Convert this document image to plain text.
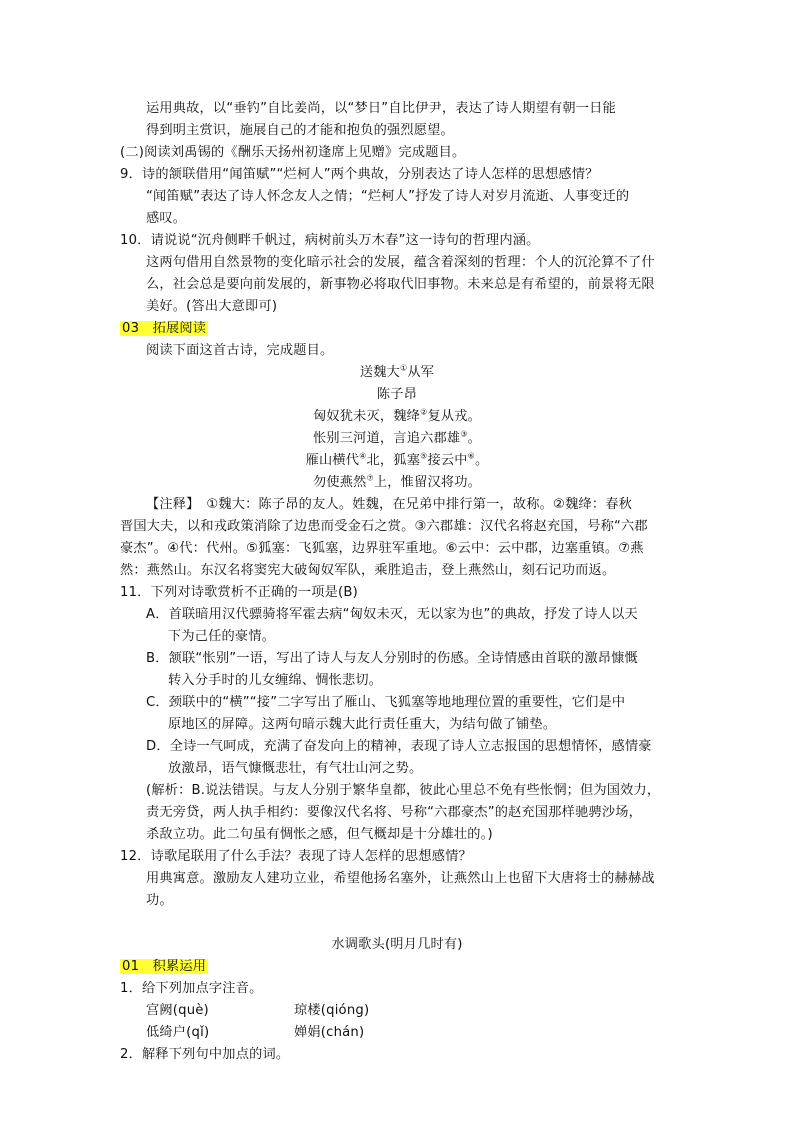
运用典故，以“垂钓”自比姜尚，以“梦日”自比伊尹，表达了诗人期望有朝一日能
得到明主赏识，施展自己的才能和抱负的强烈愿望。
(二)阅读刘禹锡的《酬乐天扬州初逢席上见赠》完成题目。
9．诗的颔联借用“闻笛赋”“烂柯人”两个典故，分别表达了诗人怎样的思想感情？
“闻笛赋”表达了诗人怀念友人之情；“烂柯人”抒发了诗人对岁月流逝、人事变迁的
感叹。
10．请说说“沉舟侧畔千帆过，病树前头万木春”这一诗句的哲理内涵。
这两句借用自然景物的变化暗示社会的发展，蕴含着深刻的哲理：个人的沉沦算不了什
么，社会总是要向前发展的，新事物必将取代旧事物。未来总是有希望的，前景将无限
美好。(答出大意即可)
03　拓展阅读
阅读下面这首古诗，完成题目。
送魏大①从军
陈子昂
匈奴犹未灭，魏绛②复从戎。
怅别三河道，言追六郡雄③。
雁山横代④北，狐塞⑤接云中⑥。
勿使燕然⑦上，惟留汉将功。
【注释】　①魏大：陈子昂的友人。姓魏，在兄弟中排行第一，故称。②魏绛：春秋
晋国大夫，以和戎政策消除了边患而受金石之赏。③六郡雄：汉代名将赵充国，号称“六郡
豪杰”。④代：代州。⑤狐塞：飞狐塞，边界驻军重地。⑥云中：云中郡，边塞重镇。⑦燕
然：燕然山。东汉名将窦宪大破匈奴军队，乘胜追击，登上燕然山，刻石记功而返。
11．下列对诗歌赏析不正确的一项是(B)
A．首联暗用汉代骠骑将军霍去病“匈奴未灭，无以家为也”的典故，抒发了诗人以天
下为己任的豪情。
B．颔联“怅别”一语，写出了诗人与友人分别时的伤感。全诗情感由首联的激昂慷慨
转入分手时的儿女缠绵、惆怅悲切。
C．颈联中的“横”“接”二字写出了雁山、飞狐塞等地地理位置的重要性，它们是中
原地区的屏障。这两句暗示魏大此行责任重大，为结句做了铺垫。
D．全诗一气呵成，充满了奋发向上的精神，表现了诗人立志报国的思想情怀，感情豪
放激昂，语气慷慨悲壮，有气壮山河之势。
(解析：B.说法错误。与友人分别于繁华皇都，彼此心里总不免有些怅惘；但为国效力，
责无旁贷，两人执手相约：要像汉代名将、号称“六郡豪杰”的赵充国那样驰骋沙场，
杀敌立功。此二句虽有惆怅之感，但气概却是十分雄壮的。)
12．诗歌尾联用了什么手法？表现了诗人怎样的思想感情？
用典寓意。激励友人建功立业，希望他扬名塞外，让燕然山上也留下大唐将士的赫赫战
功。
水调歌头(明月几时有)
01　积累运用
1．给下列加点字注音。
宫阙(què)	琼楼(qióng)
低绮户(qǐ)	婵娟(chán)
2．解释下列句中加点的词。
